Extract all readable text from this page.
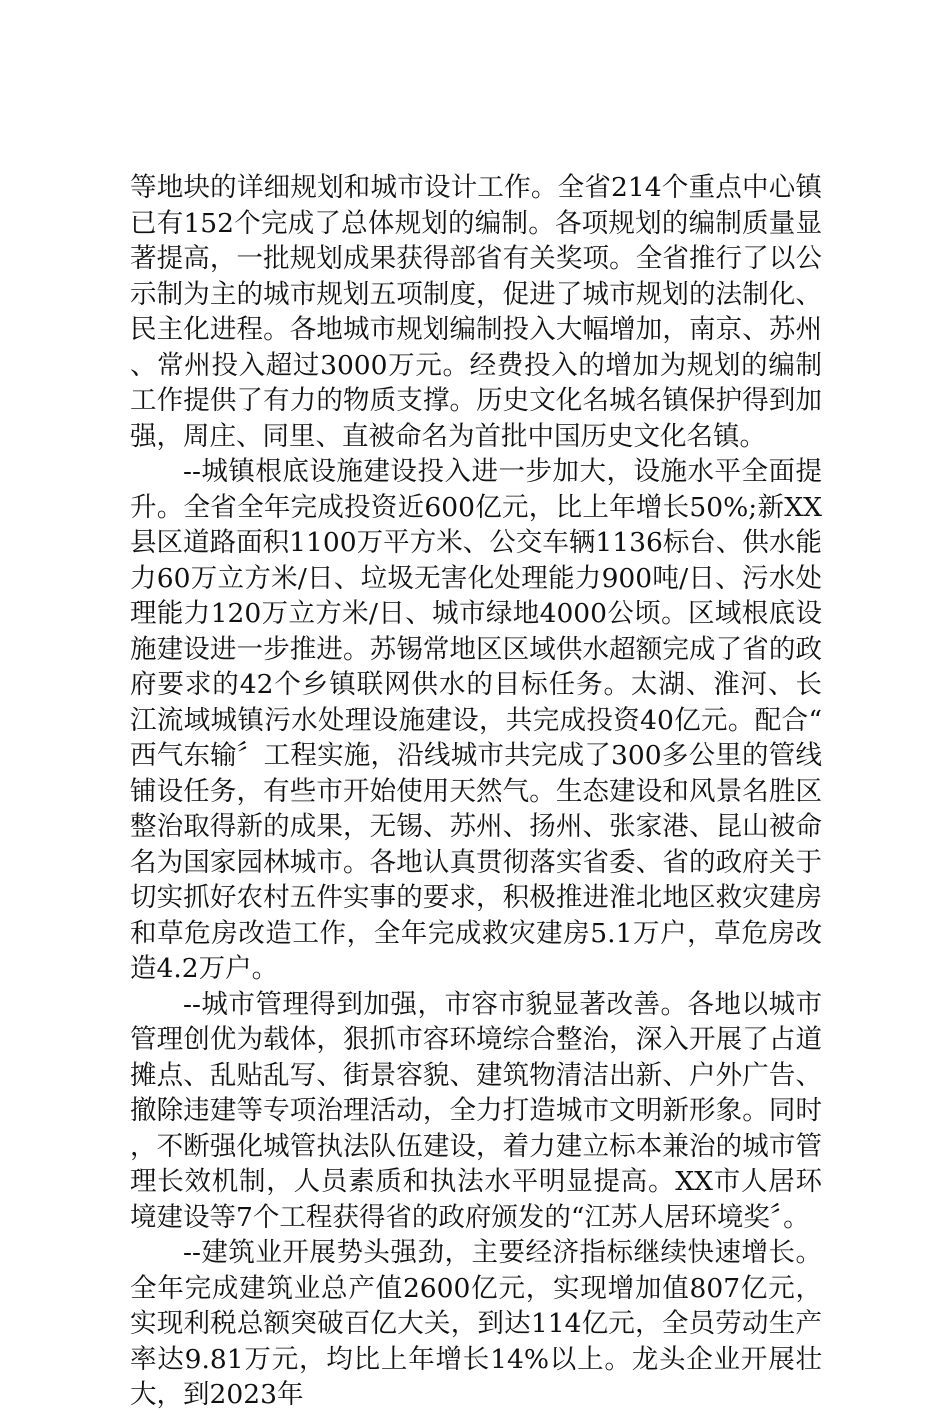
等地块的详细规划和城市设计工作。全省214个重点中心镇已有152个完成了总体规划的编制。各项规划的编制质量显著提高，一批规划成果获得部省有关奖项。全省推行了以公示制为主的城市规划五项制度，促进了城市规划的法制化、民主化进程。各地城市规划编制投入大幅增加，南京、苏州、常州投入超过3000万元。经费投入的增加为规划的编制工作提供了有力的物质支撑。历史文化名城名镇保护得到加强，周庄、同里、直被命名为首批中国历史文化名镇。

--城镇根底设施建设投入进一步加大，设施水平全面提升。全省全年完成投资近600亿元，比上年增长50%;新XX县区道路面积1100万平方米、公交车辆1136标台、供水能力60万立方米/日、垃圾无害化处理能力900吨/日、污水处理能力120万立方米/日、城市绿地4000公顷。区域根底设施建设进一步推进。苏锡常地区区域供水超额完成了省的政府要求的42个乡镇联网供水的目标任务。太湖、淮河、长江流域城镇污水处理设施建设，共完成投资40亿元。配合“西气东输〞工程实施，沿线城市共完成了300多公里的管线铺设任务，有些市开始使用天然气。生态建设和风景名胜区整治取得新的成果，无锡、苏州、扬州、张家港、昆山被命名为国家园林城市。各地认真贯彻落实省委、省的政府关于切实抓好农村五件实事的要求，积极推进淮北地区救灾建房和草危房改造工作，全年完成救灾建房5.1万户，草危房改造4.2万户。

--城市管理得到加强，市容市貌显著改善。各地以城市管理创优为载体，狠抓市容环境综合整治，深入开展了占道摊点、乱贴乱写、街景容貌、建筑物清洁出新、户外广告、撤除违建等专项治理活动，全力打造城市文明新形象。同时，不断强化城管执法队伍建设，着力建立标本兼治的城市管理长效机制，人员素质和执法水平明显提高。XX市人居环境建设等7个工程获得省的政府颁发的“江苏人居环境奖〞。

--建筑业开展势头强劲，主要经济指标继续快速增长。全年完成建筑业总产值2600亿元，实现增加值807亿元，实现利税总额突破百亿大关，到达114亿元，全员劳动生产率达9.81万元，均比上年增长14%以上。龙头企业开展壮大，到2023年
